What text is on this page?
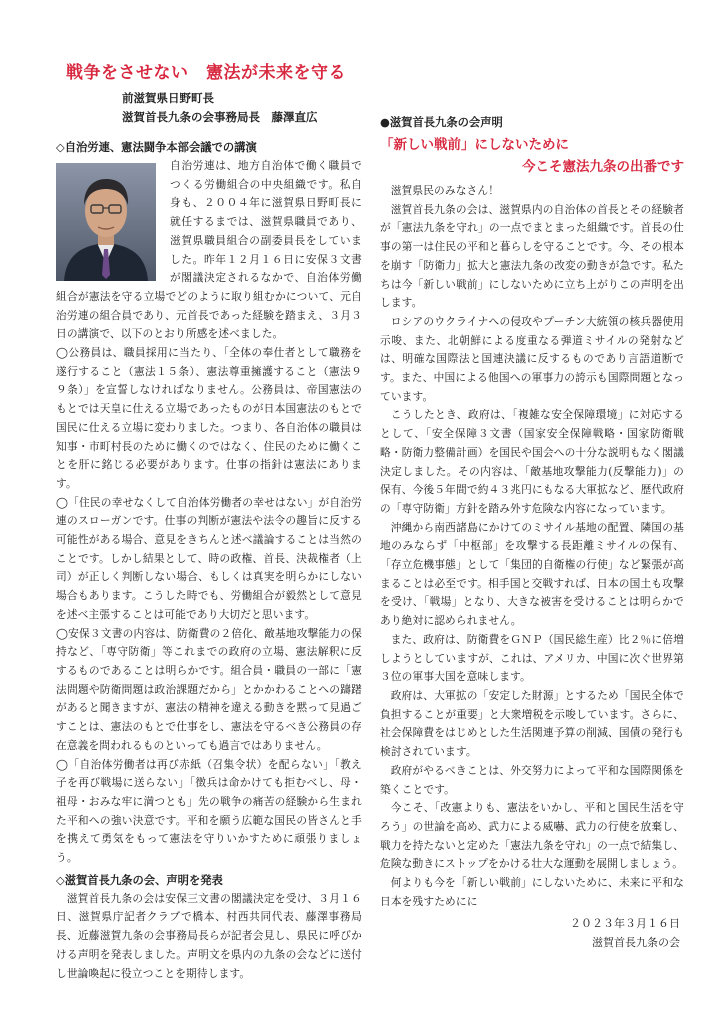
戦争をさせない　憲法が未来を守る
前滋賀県日野町長
滋賀首長九条の会事務局長　藤澤直広
◇自治労連、憲法闘争本部会議での講演

自治労連は、地方自治体で働く職員でつくる労働組合の中央組織です。私自身も、２００４年に滋賀県日野町長に就任するまでは、滋賀県職員であり、滋賀県職員組合の副委員長をしていました。昨年１２月１６日に安保３文書が閣議決定されるなかで、自治体労働組合が憲法を守る立場でどのように取り組むかについて、元自治労連の組合員であり、元首長であった経験を踏まえ、３月３日の講演で、以下のとおり所感を述べました。

◯公務員は、職員採用に当たり、「全体の奉仕者として職務を遂行すること（憲法１５条）、憲法尊重擁護すること（憲法９９条）」を宣誓しなければなりません。公務員は、帝国憲法のもとでは天皇に仕える立場であったものが日本国憲法のもとで国民に仕える立場に変わりました。つまり、各自治体の職員は知事・市町村長のために働くのではなく、住民のために働くことを肝に銘じる必要があります。仕事の指針は憲法にあります。

◯「住民の幸せなくして自治体労働者の幸せはない」が自治労連のスローガンです。仕事の判断が憲法や法令の趣旨に反する可能性がある場合、意見をきちんと述べ議論することは当然のことです。しかし結果として、時の政権、首長、決裁権者（上司）が正しく判断しない場合、もしくは真実を明らかにしない場合もあります。こうした時でも、労働組合が毅然として意見を述べ主張することは可能であり大切だと思います。

◯安保３文書の内容は、防衛費の２倍化、敵基地攻撃能力の保持など、「専守防衛」等これまでの政府の立場、憲法解釈に反するものであることは明らかです。組合員・職員の一部に「憲法問題や防衛問題は政治課題だから」とかかわることへの躊躇があると聞きますが、憲法の精神を違える動きを黙って見過ごすことは、憲法のもとで仕事をし、憲法を守るべき公務員の存在意義を問われるものといっても過言ではありません。

◯「自治体労働者は再び赤紙（召集令状）を配らない」「教え子を再び戦場に送らない」「徴兵は命かけても拒むべし、母・祖母・おみな牢に満つとも」先の戦争の痛苦の経験から生まれた平和への強い決意です。平和を願う広範な国民の皆さんと手を携えて勇気をもって憲法を守りいかすために頑張りましょう。

◇滋賀首長九条の会、声明を発表

滋賀首長九条の会は安保三文書の閣議決定を受け、３月１６日、滋賀県庁記者クラブで橋本、村西共同代表、藤澤事務局長、近藤滋賀九条の会事務局長らが記者会見し、県民に呼びかける声明を発表しました。声明文を県内の九条の会などに送付し世論喚起に役立つことを期待します。

●滋賀首長九条の会声明
「新しい戦前」にしないために
今こそ憲法九条の出番です

滋賀県民のみなさん！

滋賀首長九条の会は、滋賀県内の自治体の首長とその経験者が「憲法九条を守れ」の一点でまとまった組織です。首長の仕事の第一は住民の平和と暮らしを守ることです。今、その根本を崩す「防衛力」拡大と憲法九条の改変の動きが急です。私たちは今「新しい戦前」にしないために立ち上がりこの声明を出します。

ロシアのウクライナへの侵攻やプーチン大統領の核兵器使用示唆、また、北朝鮮による度重なる弾道ミサイルの発射などは、明確な国際法と国連決議に反するものであり言語道断です。また、中国による他国への軍事力の誇示も国際問題となっています。

こうしたとき、政府は、「複雑な安全保障環境」に対応するとして、「安全保障３文書（国家安全保障戦略・国家防衛戦略・防衛力整備計画）を国民や国会への十分な説明もなく閣議決定しました。その内容は、「敵基地攻撃能力(反撃能力)」の保有、今後５年間で約４３兆円にもなる大軍拡など、歴代政府の「専守防衛」方針を踏み外す危険な内容になっています。

沖縄から南西諸島にかけてのミサイル基地の配置、隣国の基地のみならず「中枢部」を攻撃する長距離ミサイルの保有、「存立危機事態」として「集団的自衛権の行使」など緊張が高まることは必至です。相手国と交戦すれば、日本の国土も攻撃を受け、「戦場」となり、大きな被害を受けることは明らかであり絶対に認められません。

また、政府は、防衛費をＧＮＰ（国民総生産）比２％に倍増しようとしていますが、これは、アメリカ、中国に次ぐ世界第３位の軍事大国を意味します。

政府は、大軍拡の「安定した財源」とするため「国民全体で負担することが重要」と大衆増税を示唆しています。さらに、社会保障費をはじめとした生活関連予算の削減、国債の発行も検討されています。

政府がやるべきことは、外交努力によって平和な国際関係を築くことです。

今こそ、「改憲よりも、憲法をいかし、平和と国民生活を守ろう」の世論を高め、武力による威嚇、武力の行使を放棄し、戦力を持たないと定めた「憲法九条を守れ」の一点で結集し、危険な動きにストップをかける壮大な運動を展開しましょう。

何よりも今を「新しい戦前」にしないために、未来に平和な日本を残すためにに

２０２３年３月１６日
滋賀首長九条の会
